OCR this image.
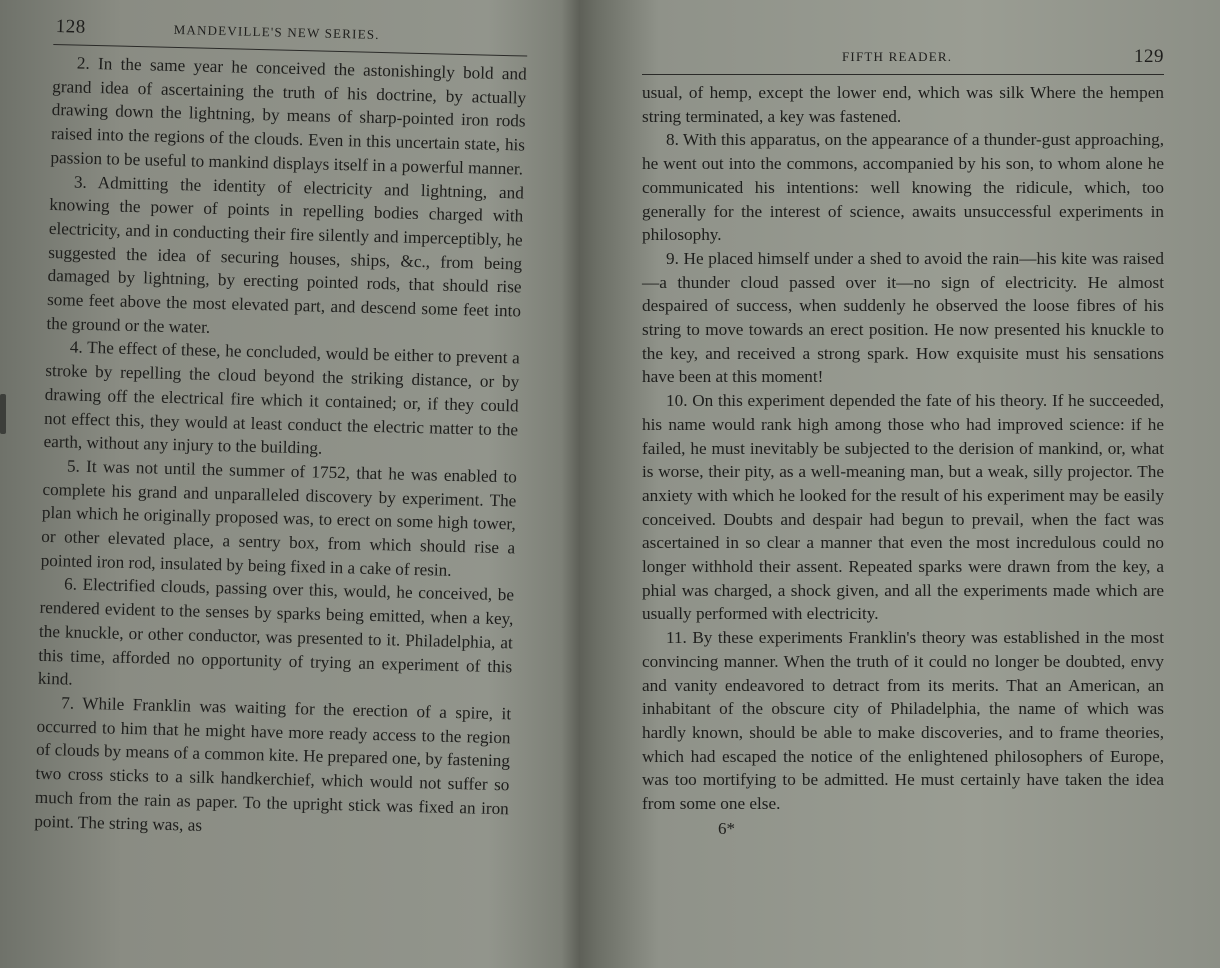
128	MANDEVILLE'S NEW SERIES.

2. In the same year he conceived the astonishingly bold and grand idea of ascertaining the truth of his doctrine, by actually drawing down the lightning, by means of sharp-pointed iron rods raised into the regions of the clouds. Even in this uncertain state, his passion to be useful to mankind displays itself in a powerful manner.

3. Admitting the identity of electricity and lightning, and knowing the power of points in repelling bodies charged with electricity, and in conducting their fire silently and imperceptibly, he suggested the idea of securing houses, ships, &c., from being damaged by lightning, by erecting pointed rods, that should rise some feet above the most elevated part, and descend some feet into the ground or the water.

4. The effect of these, he concluded, would be either to prevent a stroke by repelling the cloud beyond the striking distance, or by drawing off the electrical fire which it contained; or, if they could not effect this, they would at least conduct the electric matter to the earth, without any injury to the building.

5. It was not until the summer of 1752, that he was enabled to complete his grand and unparalleled discovery by experiment. The plan which he originally proposed was, to erect on some high tower, or other elevated place, a sentry box, from which should rise a pointed iron rod, insulated by being fixed in a cake of resin.

6. Electrified clouds, passing over this, would, he conceived, be rendered evident to the senses by sparks being emitted, when a key, the knuckle, or other conductor, was presented to it. Philadelphia, at this time, afforded no opportunity of trying an experiment of this kind.

7. While Franklin was waiting for the erection of a spire, it occurred to him that he might have more ready access to the region of clouds by means of a common kite. He prepared one, by fastening two cross sticks to a silk handkerchief, which would not suffer so much from the rain as paper. To the upright stick was fixed an iron point. The string was, as

FIFTH READER.	129

usual, of hemp, except the lower end, which was silk Where the hempen string terminated, a key was fastened.

8. With this apparatus, on the appearance of a thunder-gust approaching, he went out into the commons, accompanied by his son, to whom alone he communicated his intentions: well knowing the ridicule, which, too generally for the interest of science, awaits unsuccessful experiments in philosophy.

9. He placed himself under a shed to avoid the rain—his kite was raised—a thunder cloud passed over it—no sign of electricity. He almost despaired of success, when suddenly he observed the loose fibres of his string to move towards an erect position. He now presented his knuckle to the key, and received a strong spark. How exquisite must his sensations have been at this moment!

10. On this experiment depended the fate of his theory. If he succeeded, his name would rank high among those who had improved science: if he failed, he must inevitably be subjected to the derision of mankind, or, what is worse, their pity, as a well-meaning man, but a weak, silly projector. The anxiety with which he looked for the result of his experiment may be easily conceived. Doubts and despair had begun to prevail, when the fact was ascertained in so clear a manner that even the most incredulous could no longer withhold their assent. Repeated sparks were drawn from the key, a phial was charged, a shock given, and all the experiments made which are usually performed with electricity.

11. By these experiments Franklin's theory was established in the most convincing manner. When the truth of it could no longer be doubted, envy and vanity endeavored to detract from its merits. That an American, an inhabitant of the obscure city of Philadelphia, the name of which was hardly known, should be able to make discoveries, and to frame theories, which had escaped the notice of the enlightened philosophers of Europe, was too mortifying to be admitted. He must certainly have taken the idea from some one else.

6*
